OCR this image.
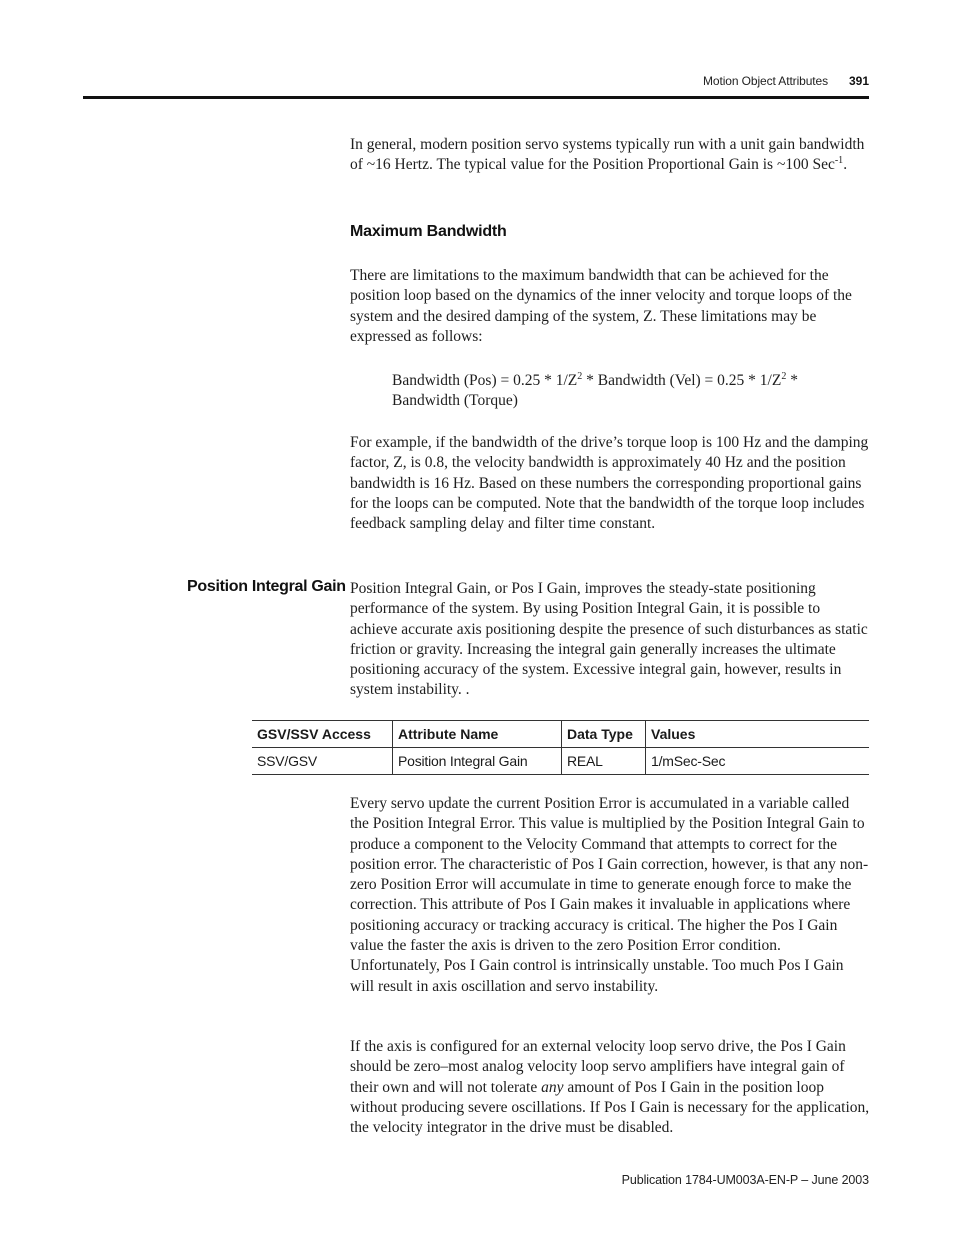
Motion Object Attributes 391

In general, modern position servo systems typically run with a unit gain bandwidth of ~16 Hertz. The typical value for the Position Proportional Gain is ~100 Sec$^{-1}$.

Maximum Bandwidth

There are limitations to the maximum bandwidth that can be achieved for the position loop based on the dynamics of the inner velocity and torque loops of the system and the desired damping of the system, Z. These limitations may be expressed as follows:

Bandwidth $(Pos) = 0.25 * 1/Z^2$ * Bandwidth $(Vel) = 0.25 * 1/Z^2$ * Bandwidth (Torque)

For example, if the bandwidth of the drive’s torque loop is 100 Hz and the damping factor, Z, is 0.8, the velocity bandwidth is approximately 40 Hz and the position bandwidth is 16 Hz. Based on these numbers the corresponding proportional gains for the loops can be computed. Note that the bandwidth of the torque loop includes feedback sampling delay and filter time constant.

Position Integral Gain Position Integral Gain, or Pos I Gain, improves the steady-state positioning performance of the system. By using Position Integral Gain, it is possible to achieve accurate axis positioning despite the presence of such disturbances as static friction or gravity. Increasing the integral gain generally increases the ultimate positioning accuracy of the system. Excessive integral gain, however, results in system instability. .

GSV/SSV Access	Attribute Name	Data Type	Values
SSV/GSV	Position Integral Gain	REAL	1/mSec-Sec

Every servo update the current Position Error is accumulated in a variable called the Position Integral Error. This value is multiplied by the Position Integral Gain to produce a component to the Velocity Command that attempts to correct for the position error. The characteristic of Pos I Gain correction, however, is that any non-zero Position Error will accumulate in time to generate enough force to make the correction. This attribute of Pos I Gain makes it invaluable in applications where positioning accuracy or tracking accuracy is critical. The higher the Pos I Gain value the faster the axis is driven to the zero Position Error condition. Unfortunately, Pos I Gain control is intrinsically unstable. Too much Pos I Gain will result in axis oscillation and servo instability.

If the axis is configured for an external velocity loop servo drive, the Pos I Gain should be zero–most analog velocity loop servo amplifiers have integral gain of their own and will not tolerate any amount of Pos I Gain in the position loop without producing severe oscillations. If Pos I Gain is necessary for the application, the velocity integrator in the drive must be disabled.

Publication 1784-UM003A-EN-P – June 2003
